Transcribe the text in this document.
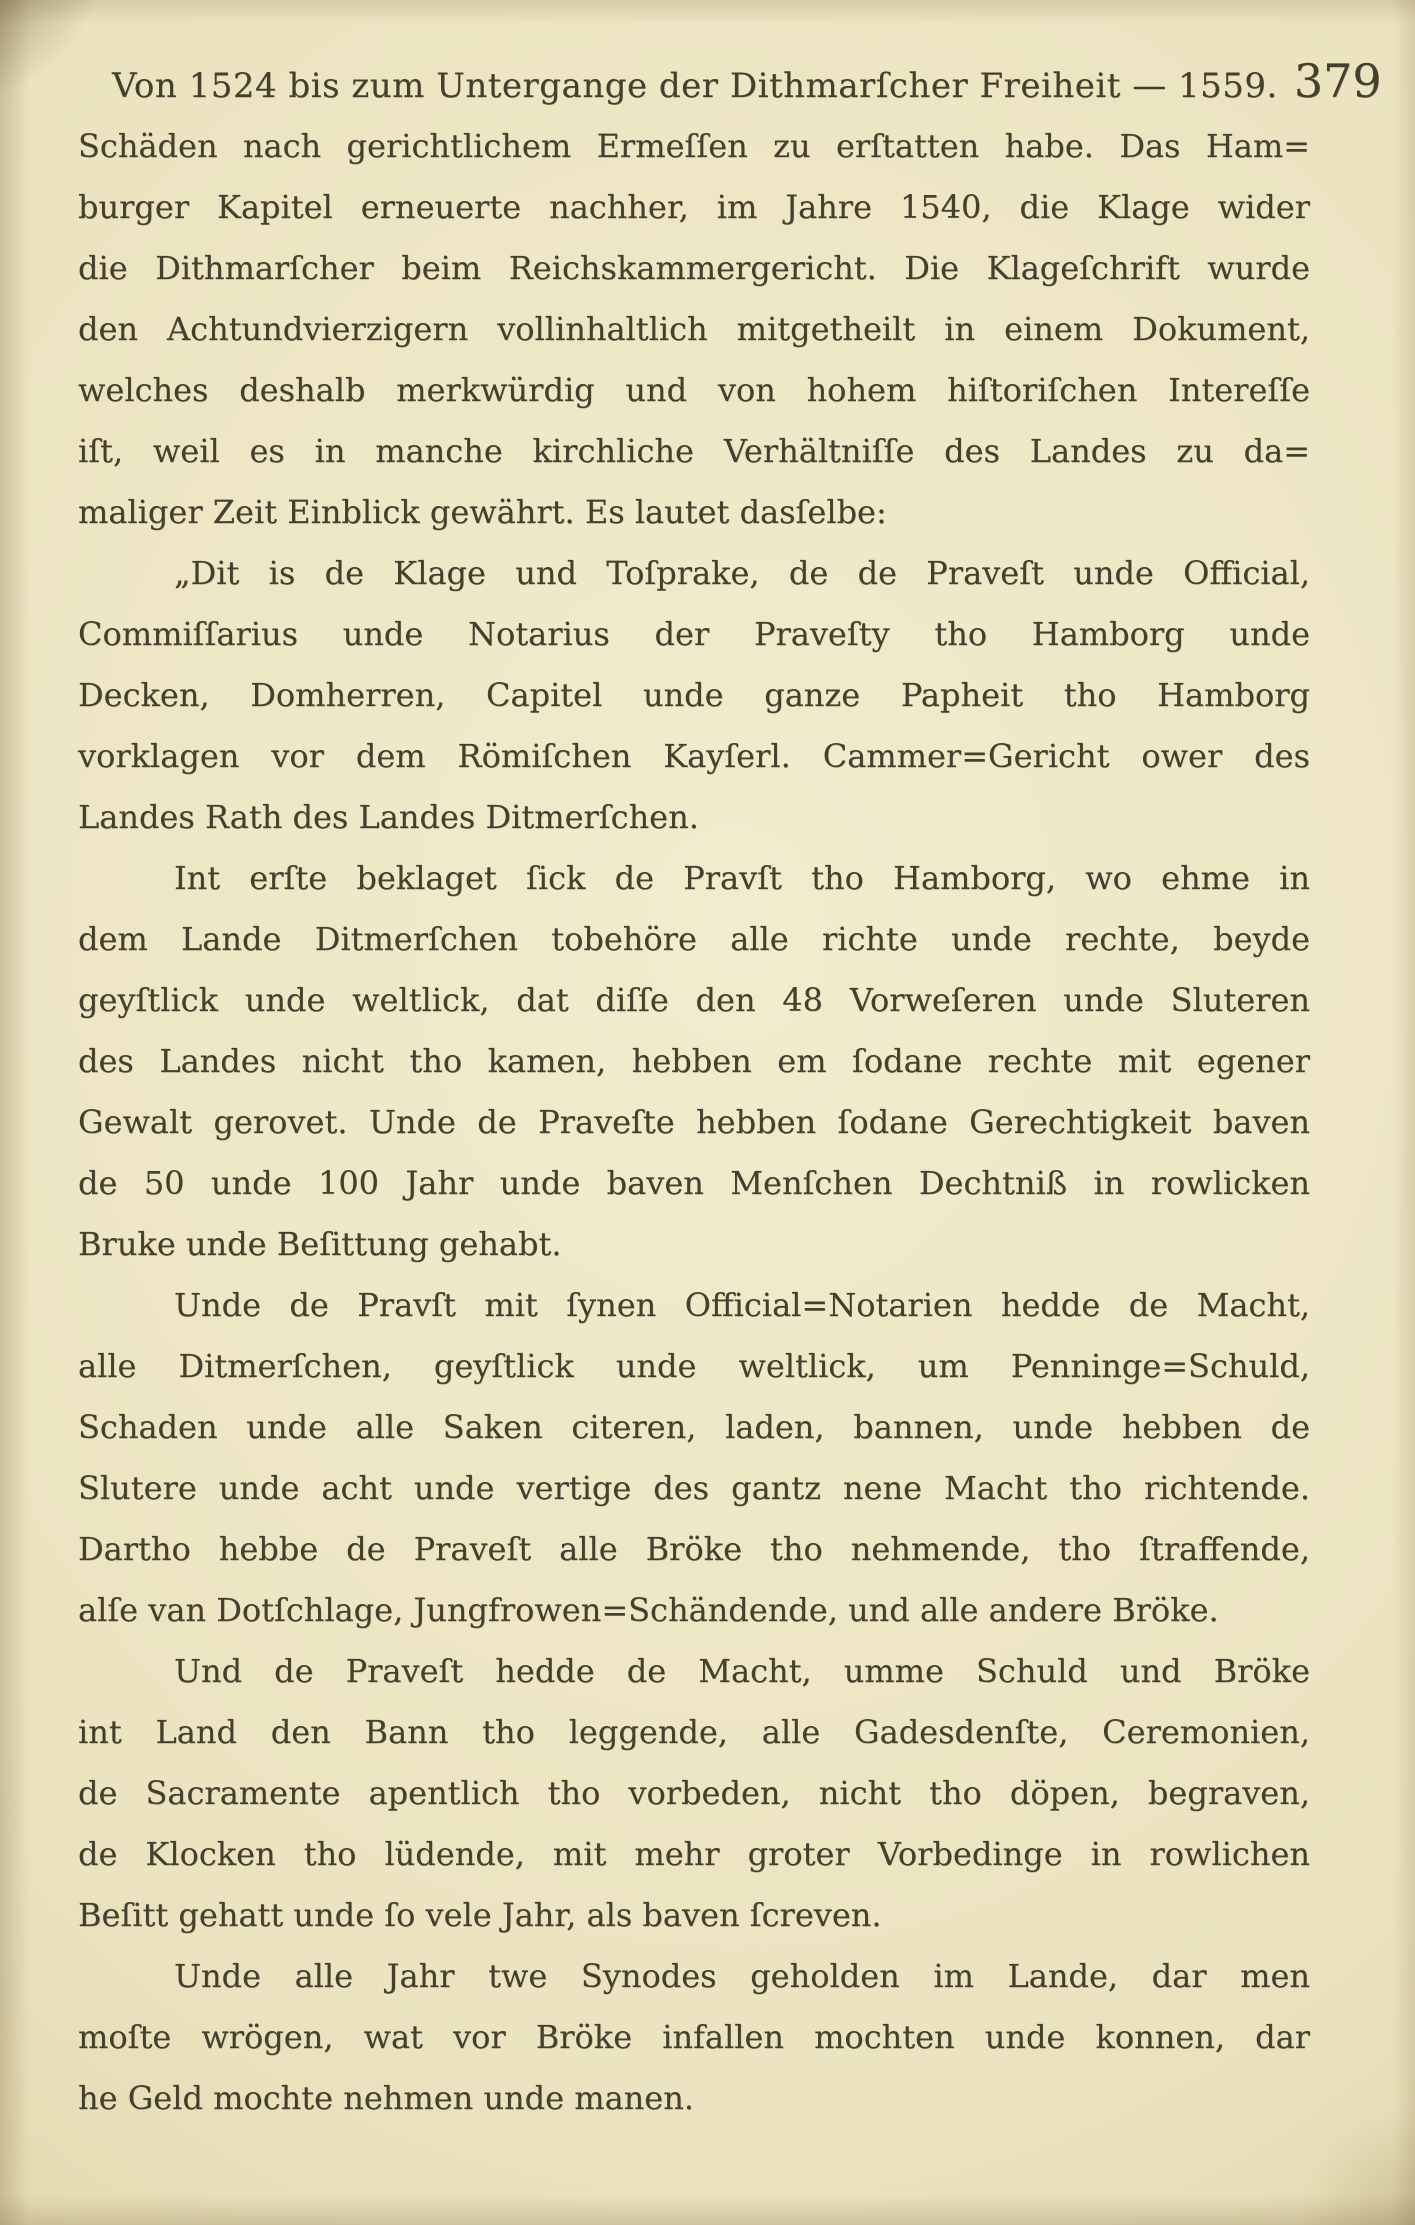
Von 1524 bis zum Untergange der Dithmarſcher Freiheit — 1559. 379
Schäden nach gerichtlichem Ermeſſen zu erſtatten habe. Das Ham=
burger Kapitel erneuerte nachher, im Jahre 1540, die Klage wider
die Dithmarſcher beim Reichskammergericht. Die Klageſchrift wurde
den Achtundvierzigern vollinhaltlich mitgetheilt in einem Dokument,
welches deshalb merkwürdig und von hohem hiſtoriſchen Intereſſe
iſt, weil es in manche kirchliche Verhältniſſe des Landes zu da=
maliger Zeit Einblick gewährt. Es lautet dasſelbe:
„Dit is de Klage und Toſprake, de de Praveſt unde Official,
Commiſſarius unde Notarius der Praveſty tho Hamborg unde
Decken, Domherren, Capitel unde ganze Papheit tho Hamborg
vorklagen vor dem Römiſchen Kayſerl. Cammer=Gericht ower des
Landes Rath des Landes Ditmerſchen.
Int erſte beklaget ſick de Pravſt tho Hamborg, wo ehme in
dem Lande Ditmerſchen tobehöre alle richte unde rechte, beyde
geyſtlick unde weltlick, dat diſſe den 48 Vorweſeren unde Sluteren
des Landes nicht tho kamen, hebben em ſodane rechte mit egener
Gewalt gerovet. Unde de Praveſte hebben ſodane Gerechtigkeit baven
de 50 unde 100 Jahr unde baven Menſchen Dechtniß in rowlicken
Bruke unde Beſittung gehabt.
Unde de Pravſt mit ſynen Official=Notarien hedde de Macht,
alle Ditmerſchen, geyſtlick unde weltlick, um Penninge=Schuld,
Schaden unde alle Saken citeren, laden, bannen, unde hebben de
Slutere unde acht unde vertige des gantz nene Macht tho richtende.
Dartho hebbe de Praveſt alle Bröke tho nehmende, tho ſtraffende,
alſe van Dotſchlage, Jungfrowen=Schändende, und alle andere Bröke.
Und de Praveſt hedde de Macht, umme Schuld und Bröke
int Land den Bann tho leggende, alle Gadesdenſte, Ceremonien,
de Sacramente apentlich tho vorbeden, nicht tho döpen, begraven,
de Klocken tho lüdende, mit mehr groter Vorbedinge in rowlichen
Beſitt gehatt unde ſo vele Jahr, als baven ſcreven.
Unde alle Jahr twe Synodes geholden im Lande, dar men
moſte wrögen, wat vor Bröke infallen mochten unde konnen, dar
he Geld mochte nehmen unde manen.
